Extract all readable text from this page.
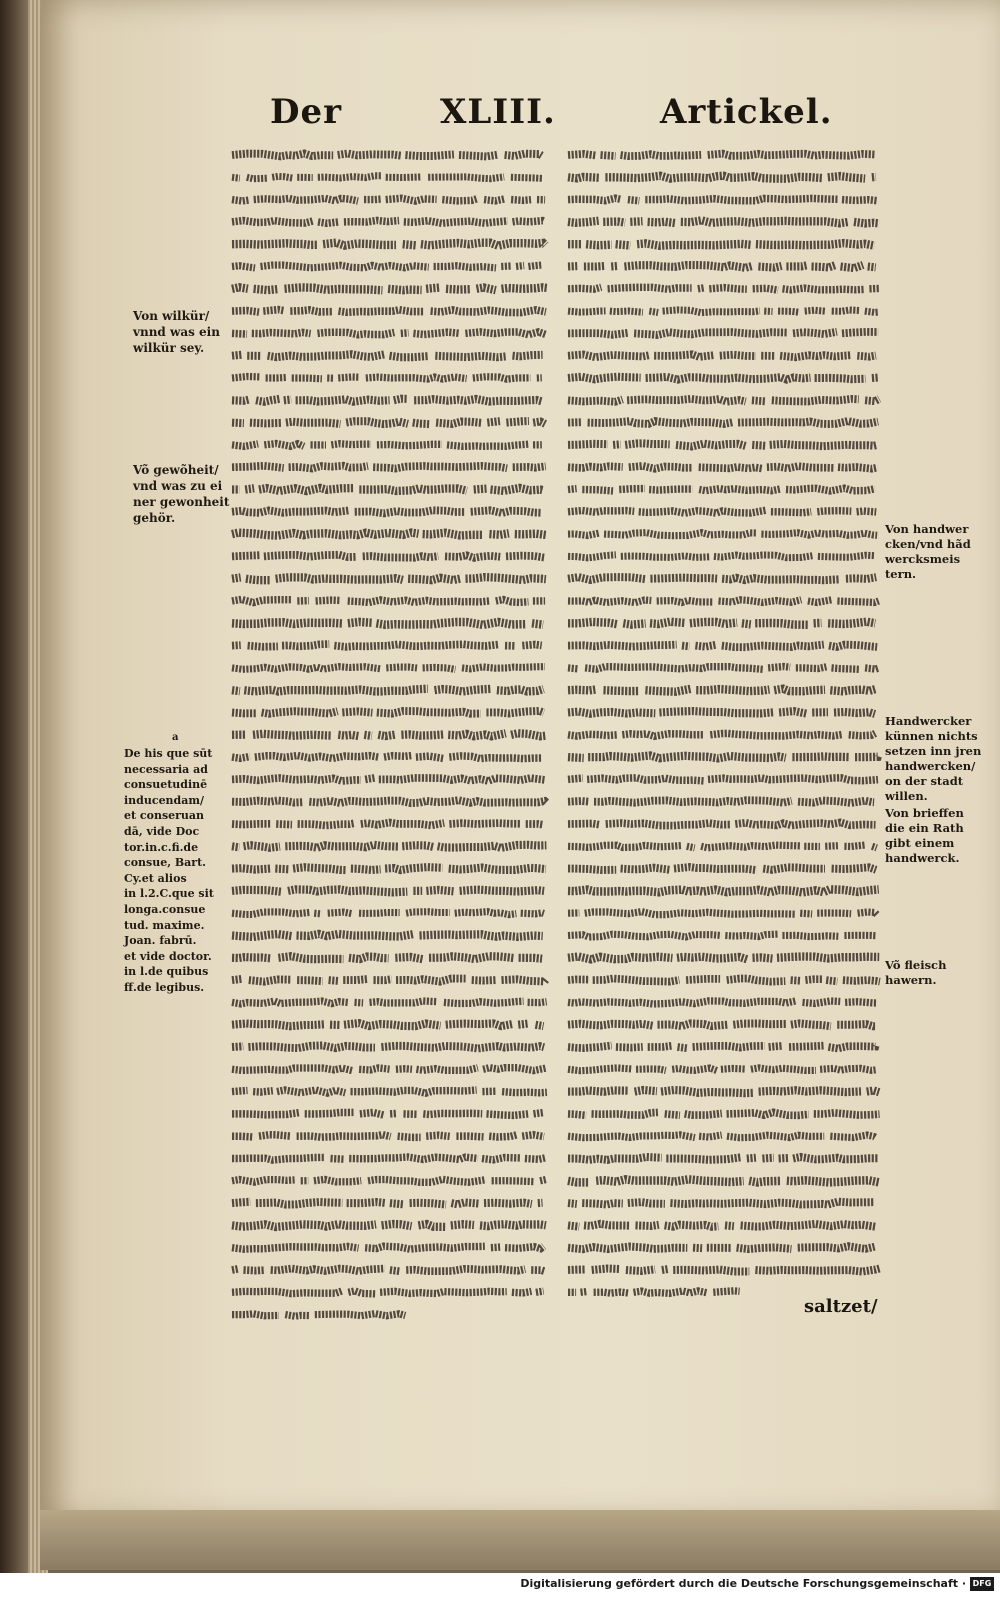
Der	XLIII.	Artickel.
Von wilkür/
vnnd was ein
wilkür sey.
Võ gewõheit/
vnd was zu ei
ner gewonheit
gehör.
a
De his que sūt
necessaria ad
consuetudinē
inducendam/
et conseruan
dā, vide Doc
tor.in.c.fi.de
consue, Bart.
Cy.et alios
in l.2.C.que sit
longa.consue
tud. maxime.
Joan. fabrū.
et vide doctor.
in l.de quibus
ff.de legibus.
Von handwer
cken/vnd hãd
wercksmeis
tern.
Handwercker
künnen nichts
setzen inn jren
handwercken/
on der stadt
willen.
Von brieffen
die ein Rath
gibt einem
handwerck.
Võ fleisch
hawern.
saltzet/
Digitalisierung gefördert durch die Deutsche Forschungsgemeinschaft · DFG
